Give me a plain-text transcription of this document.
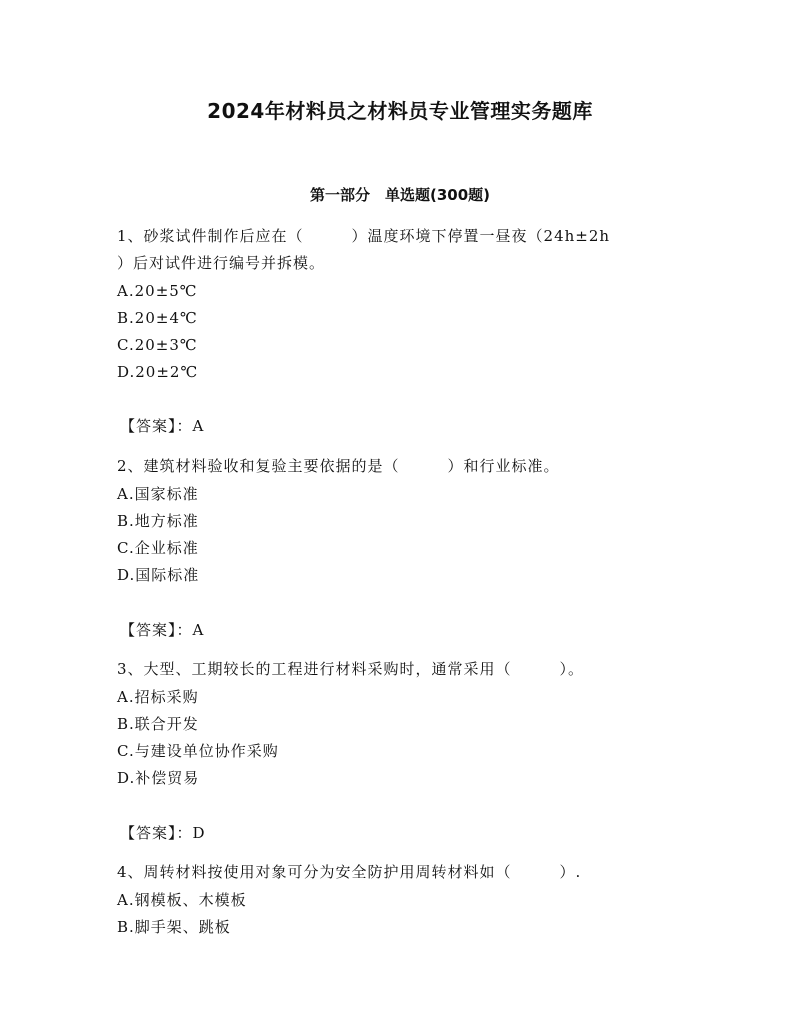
2024年材料员之材料员专业管理实务题库
第一部分　单选题(300题)
1、砂浆试件制作后应在（　　　）温度环境下停置一昼夜（24h±2h
）后对试件进行编号并拆模。
A.20±5℃
B.20±4℃
C.20±3℃
D.20±2℃
【答案】：A
2、建筑材料验收和复验主要依据的是（　　　）和行业标准。
A.国家标准
B.地方标准
C.企业标准
D.国际标准
【答案】：A
3、大型、工期较长的工程进行材料采购时，通常采用（　　　）。
A.招标采购
B.联合开发
C.与建设单位协作采购
D.补偿贸易
【答案】：D
4、周转材料按使用对象可分为安全防护用周转材料如（　　　）.
A.钢模板、木模板
B.脚手架、跳板
